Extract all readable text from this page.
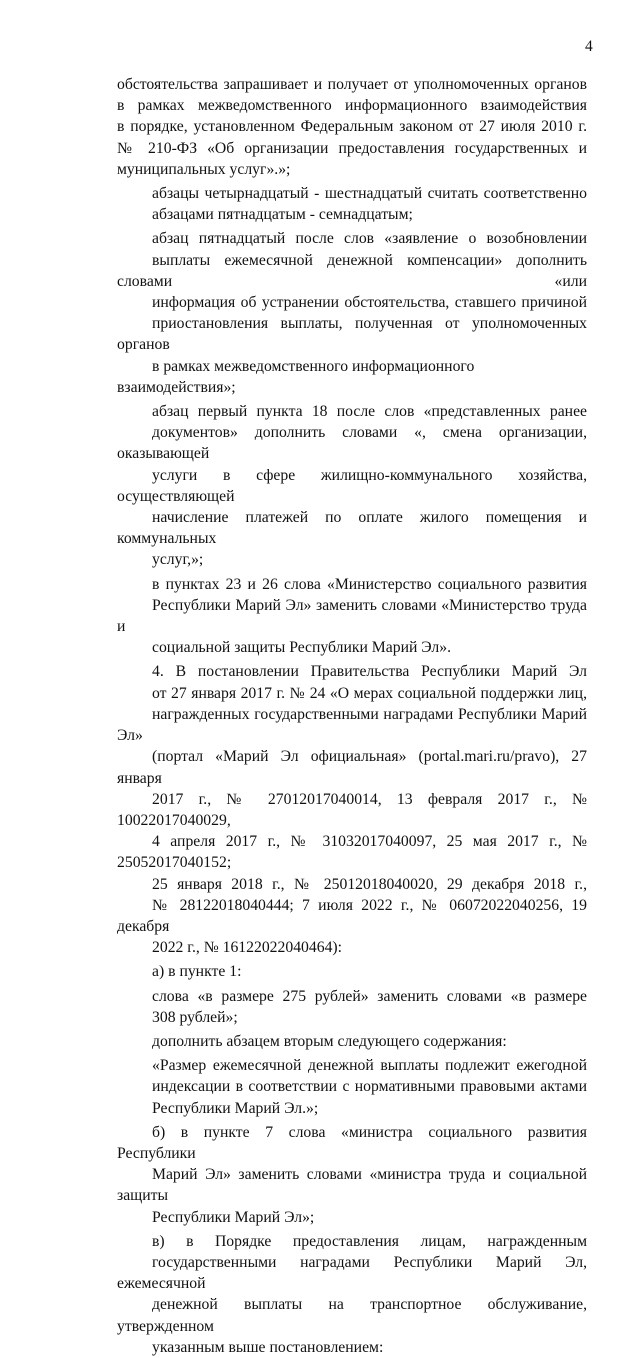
4
обстоятельства запрашивает и получает от уполномоченных органов
в рамках межведомственного информационного взаимодействия
в порядке, установленном Федеральным законом от 27 июля 2010 г.
№ 210-ФЗ «Об организации предоставления государственных и
муниципальных услуг».»;
абзацы четырнадцатый - шестнадцатый считать соответственно
абзацами пятнадцатым - семнадцатым;
абзац пятнадцатый после слов «заявление о возобновлении
выплаты ежемесячной денежной компенсации» дополнить словами «или
информация об устранении обстоятельства, ставшего причиной
приостановления выплаты, полученная от уполномоченных органов
в рамках межведомственного информационного взаимодействия»;
абзац первый пункта 18 после слов «представленных ранее
документов» дополнить словами «, смена организации, оказывающей
услуги в сфере жилищно-коммунального хозяйства, осуществляющей
начисление платежей по оплате жилого помещения и коммунальных
услуг,»;
в пунктах 23 и 26 слова «Министерство социального развития
Республики Марий Эл» заменить словами «Министерство труда и
социальной защиты Республики Марий Эл».
4. В постановлении Правительства Республики Марий Эл
от 27 января 2017 г. № 24 «О мерах социальной поддержки лиц,
награжденных государственными наградами Республики Марий Эл»
(портал «Марий Эл официальная» (portal.mari.ru/pravo), 27 января
2017 г., № 27012017040014, 13 февраля 2017 г., № 10022017040029,
4 апреля 2017 г., № 31032017040097, 25 мая 2017 г., № 25052017040152;
25 января 2018 г., № 25012018040020, 29 декабря 2018 г.,
№ 28122018040444; 7 июля 2022 г., № 06072022040256, 19 декабря
2022 г., № 16122022040464):
а) в пункте 1:
слова «в размере 275 рублей» заменить словами «в размере
308 рублей»;
дополнить абзацем вторым следующего содержания:
«Размер ежемесячной денежной выплаты подлежит ежегодной
индексации в соответствии с нормативными правовыми актами
Республики Марий Эл.»;
б) в пункте 7 слова «министра социального развития Республики
Марий Эл» заменить словами «министра труда и социальной защиты
Республики Марий Эл»;
в) в Порядке предоставления лицам, награжденным
государственными наградами Республики Марий Эл, ежемесячной
денежной выплаты на транспортное обслуживание, утвержденном
указанным выше постановлением:
